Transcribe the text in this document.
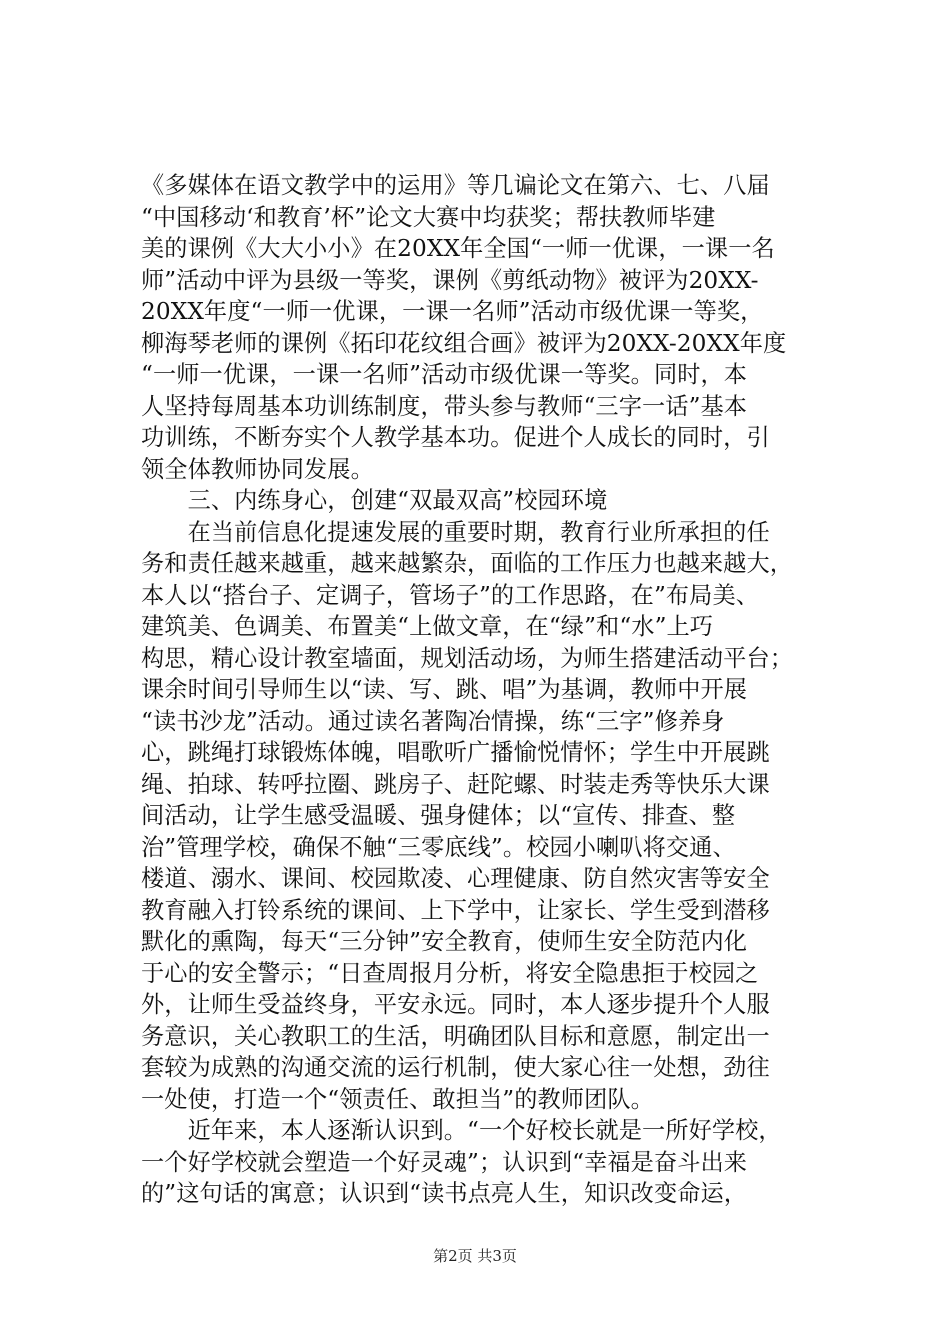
《多媒体在语文教学中的运用》等几谝论文在第六、七、八届
“中国移动‘和教育’杯”论文大赛中均获奖；帮扶教师毕建
美的课例《大大小小》在20XX年全国“一师一优课，一课一名
师”活动中评为县级一等奖，课例《剪纸动物》被评为20XX-
20XX年度“一师一优课，一课一名师”活动市级优课一等奖，
柳海琴老师的课例《拓印花纹组合画》被评为20XX-20XX年度
“一师一优课，一课一名师”活动市级优课一等奖。同时，本
人坚持每周基本功训练制度，带头参与教师“三字一话”基本
功训练，不断夯实个人教学基本功。促进个人成长的同时，引
领全体教师协同发展。
　　三、内练身心，创建“双最双高”校园环境
　　在当前信息化提速发展的重要时期，教育行业所承担的任
务和责任越来越重，越来越繁杂，面临的工作压力也越来越大，
本人以“搭台子、定调子，管场子”的工作思路，在”布局美、
建筑美、色调美、布置美“上做文章，在“绿”和“水”上巧
构思，精心设计教室墙面，规划活动场，为师生搭建活动平台；
课余时间引导师生以“读、写、跳、唱”为基调，教师中开展
“读书沙龙”活动。通过读名著陶冶情操，练“三字”修养身
心，跳绳打球锻炼体魄，唱歌听广播愉悦情怀；学生中开展跳
绳、拍球、转呼拉圈、跳房子、赶陀螺、时装走秀等快乐大课
间活动，让学生感受温暖、强身健体；以“宣传、排查、整
治”管理学校，确保不触“三零底线”。校园小喇叭将交通、
楼道、溺水、课间、校园欺凌、心理健康、防自然灾害等安全
教育融入打铃系统的课间、上下学中，让家长、学生受到潜移
默化的熏陶，每天“三分钟”安全教育，使师生安全防范内化
于心的安全警示；“日查周报月分析，将安全隐患拒于校园之
外，让师生受益终身，平安永远。同时，本人逐步提升个人服
务意识，关心教职工的生活，明确团队目标和意愿，制定出一
套较为成熟的沟通交流的运行机制，使大家心往一处想，劲往
一处使，打造一个“领责任、敢担当”的教师团队。
　　近年来，本人逐渐认识到。“一个好校长就是一所好学校，
一个好学校就会塑造一个好灵魂”；认识到“幸福是奋斗出来
的”这句话的寓意；认识到“读书点亮人生，知识改变命运，
第2页 共3页
